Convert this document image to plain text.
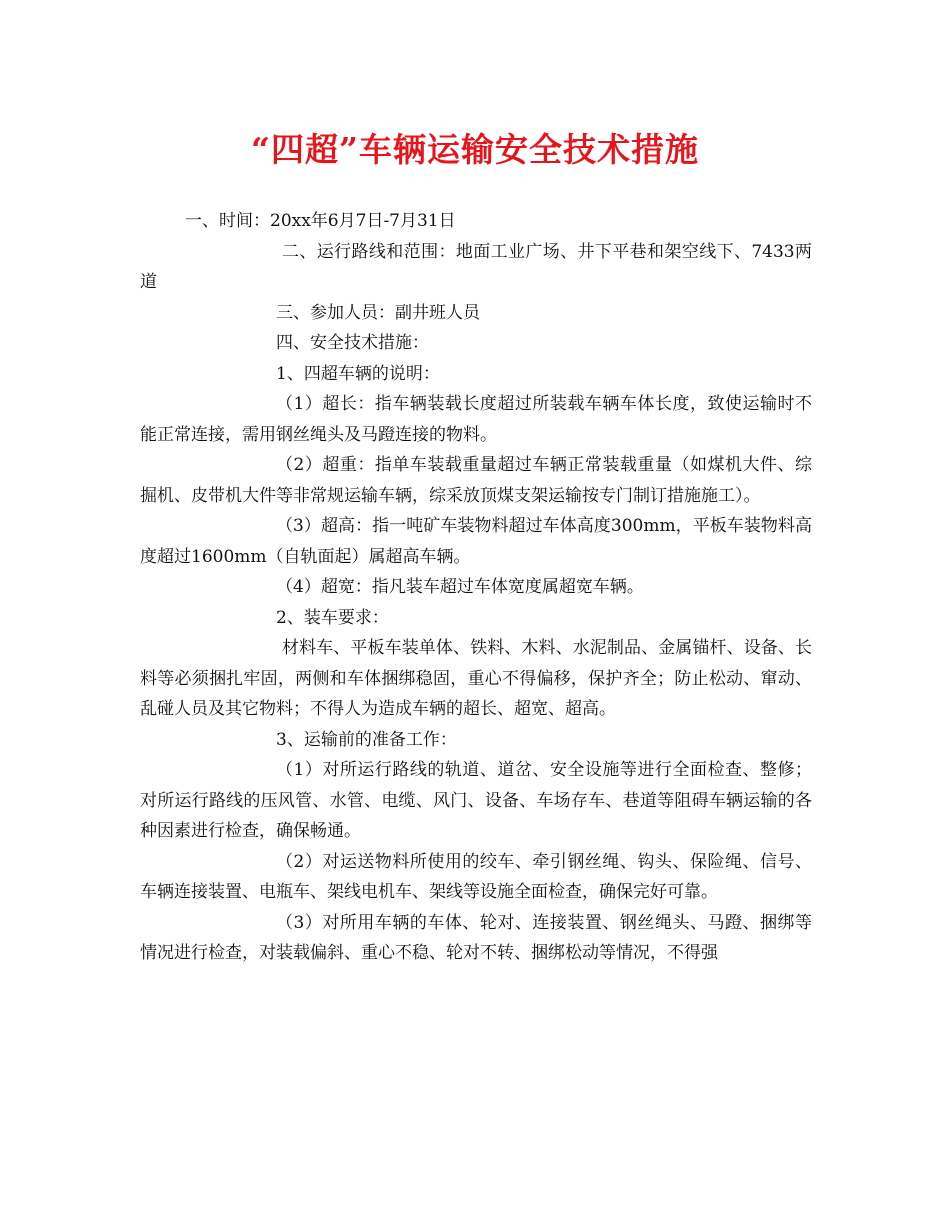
“四超”车辆运输安全技术措施

一、时间：20xx年6月7日-7月31日

二、运行路线和范围：地面工业广场、井下平巷和架空线下、7433两道

三、参加人员：副井班人员

四、安全技术措施：

1、四超车辆的说明：

（1）超长：指车辆装载长度超过所装载车辆车体长度，致使运输时不能正常连接，需用钢丝绳头及马蹬连接的物料。

（2）超重：指单车装载重量超过车辆正常装载重量（如煤机大件、综掘机、皮带机大件等非常规运输车辆，综采放顶煤支架运输按专门制订措施施工）。

（3）超高：指一吨矿车装物料超过车体高度300mm，平板车装物料高度超过1600mm（自轨面起）属超高车辆。

（4）超宽：指凡装车超过车体宽度属超宽车辆。

2、装车要求：

材料车、平板车装单体、铁料、木料、水泥制品、金属锚杆、设备、长料等必须捆扎牢固，两侧和车体捆绑稳固，重心不得偏移，保护齐全；防止松动、窜动、乱碰人员及其它物料；不得人为造成车辆的超长、超宽、超高。

3、运输前的准备工作：

（1）对所运行路线的轨道、道岔、安全设施等进行全面检查、整修；对所运行路线的压风管、水管、电缆、风门、设备、车场存车、巷道等阻碍车辆运输的各种因素进行检查，确保畅通。

（2）对运送物料所使用的绞车、牵引钢丝绳、钩头、保险绳、信号、车辆连接装置、电瓶车、架线电机车、架线等设施全面检查，确保完好可靠。

（3）对所用车辆的车体、轮对、连接装置、钢丝绳头、马蹬、捆绑等情况进行检查，对装载偏斜、重心不稳、轮对不转、捆绑松动等情况，不得强
